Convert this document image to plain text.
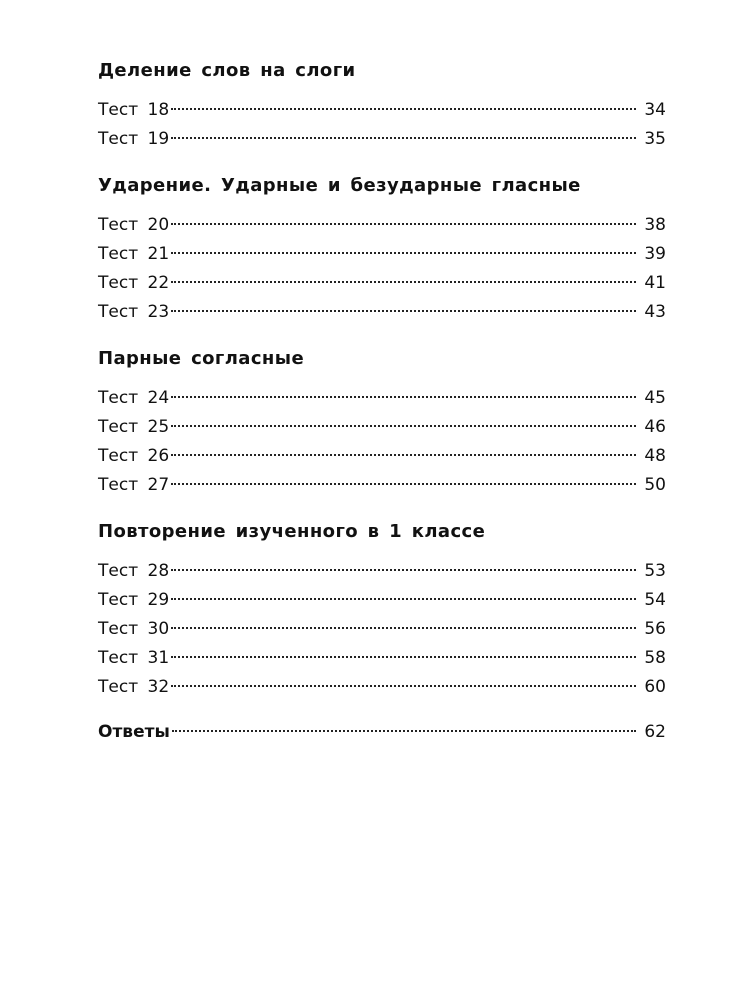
Деление слов на слоги
Тест 18	34
Тест 19	35
Ударение. Ударные и безударные гласные
Тест 20	38
Тест 21	39
Тест 22	41
Тест 23	43
Парные согласные
Тест 24	45
Тест 25	46
Тест 26	48
Тест 27	50
Повторение изученного в 1 классе
Тест 28	53
Тест 29	54
Тест 30	56
Тест 31	58
Тест 32	60
Ответы	62
